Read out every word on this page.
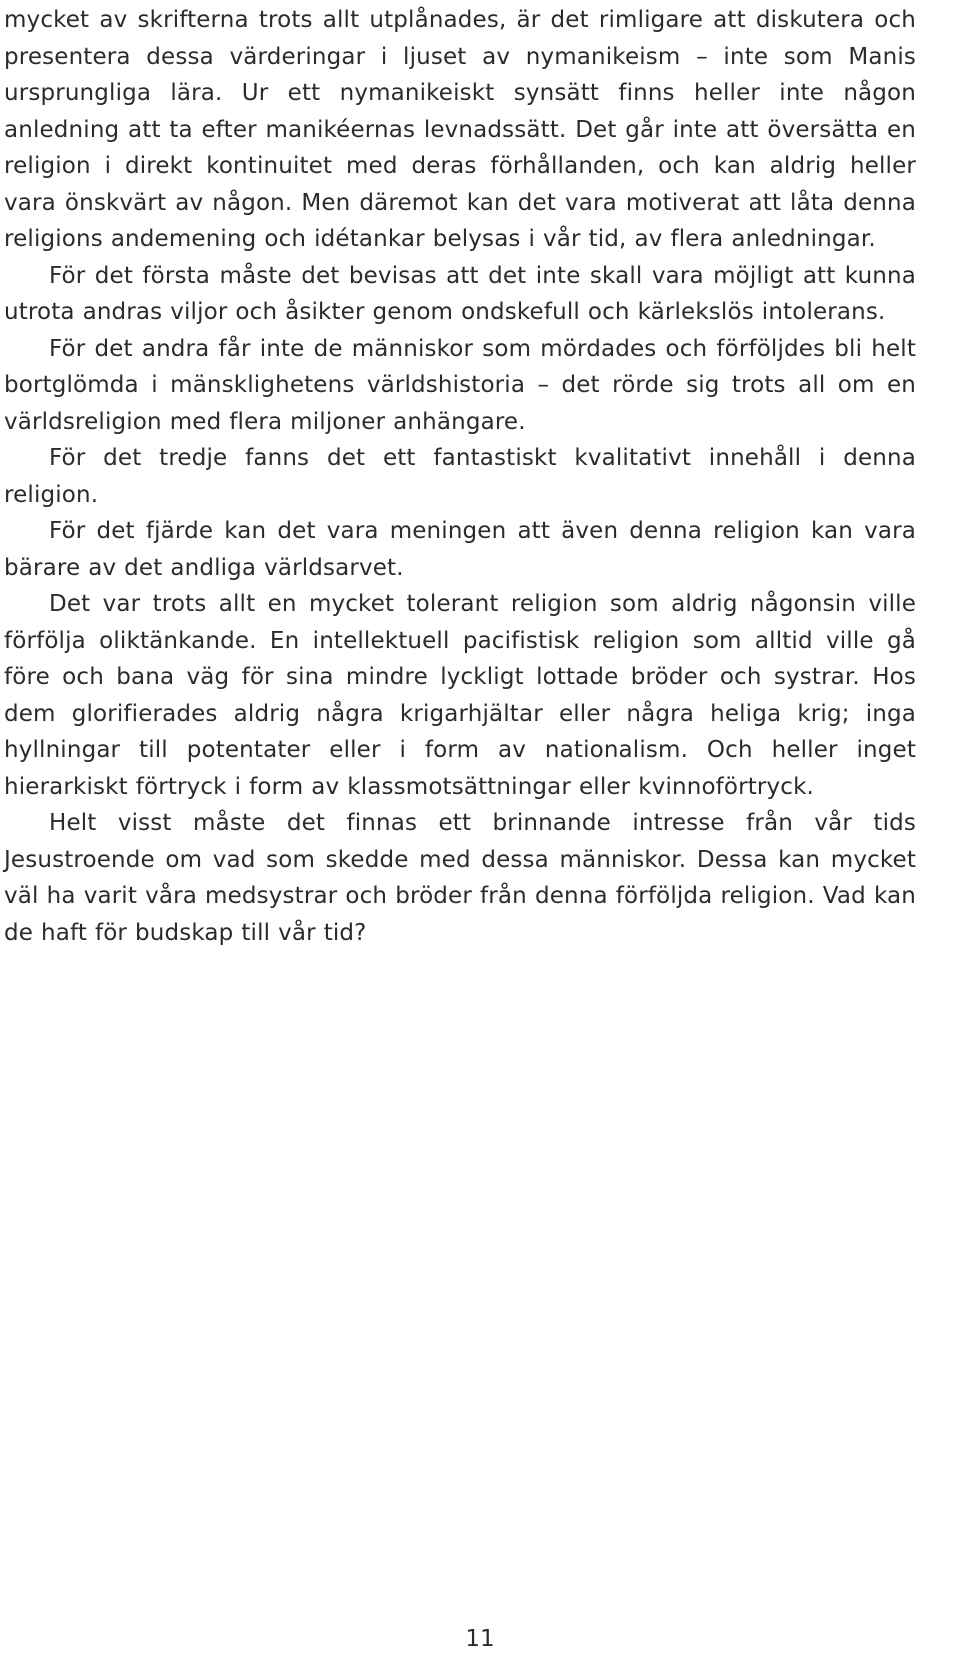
mycket av skrifterna trots allt utplånades, är det rimligare att diskutera och presentera dessa värderingar i ljuset av nymanikeism – inte som Manis ursprungliga lära. Ur ett nymanikeiskt synsätt finns heller inte någon anledning att ta efter manikéernas levnadssätt. Det går inte att översätta en religion i direkt kontinuitet med deras förhållanden, och kan aldrig heller vara önskvärt av någon. Men däremot kan det vara motiverat att låta denna religions andemening och idétankar belysas i vår tid, av flera anledningar.

För det första måste det bevisas att det inte skall vara möjligt att kunna utrota andras viljor och åsikter genom ondskefull och kärlekslös intolerans.

För det andra får inte de människor som mördades och förföljdes bli helt bortglömda i mänsklighetens världshistoria – det rörde sig trots all om en världsreligion med flera miljoner anhängare.

För det tredje fanns det ett fantastiskt kvalitativt innehåll i denna religion.

För det fjärde kan det vara meningen att även denna religion kan vara bärare av det andliga världsarvet.

Det var trots allt en mycket tolerant religion som aldrig någonsin ville förfölja oliktänkande. En intellektuell pacifistisk religion som alltid ville gå före och bana väg för sina mindre lyckligt lottade bröder och systrar. Hos dem glorifierades aldrig några krigarhjältar eller några heliga krig; inga hyllningar till potentater eller i form av nationalism. Och heller inget hierarkiskt förtryck i form av klassmotsättningar eller kvinnoförtryck.

Helt visst måste det finnas ett brinnande intresse från vår tids Jesustroende om vad som skedde med dessa människor. Dessa kan mycket väl ha varit våra medsystrar och bröder från denna förföljda religion. Vad kan de haft för budskap till vår tid?

11
